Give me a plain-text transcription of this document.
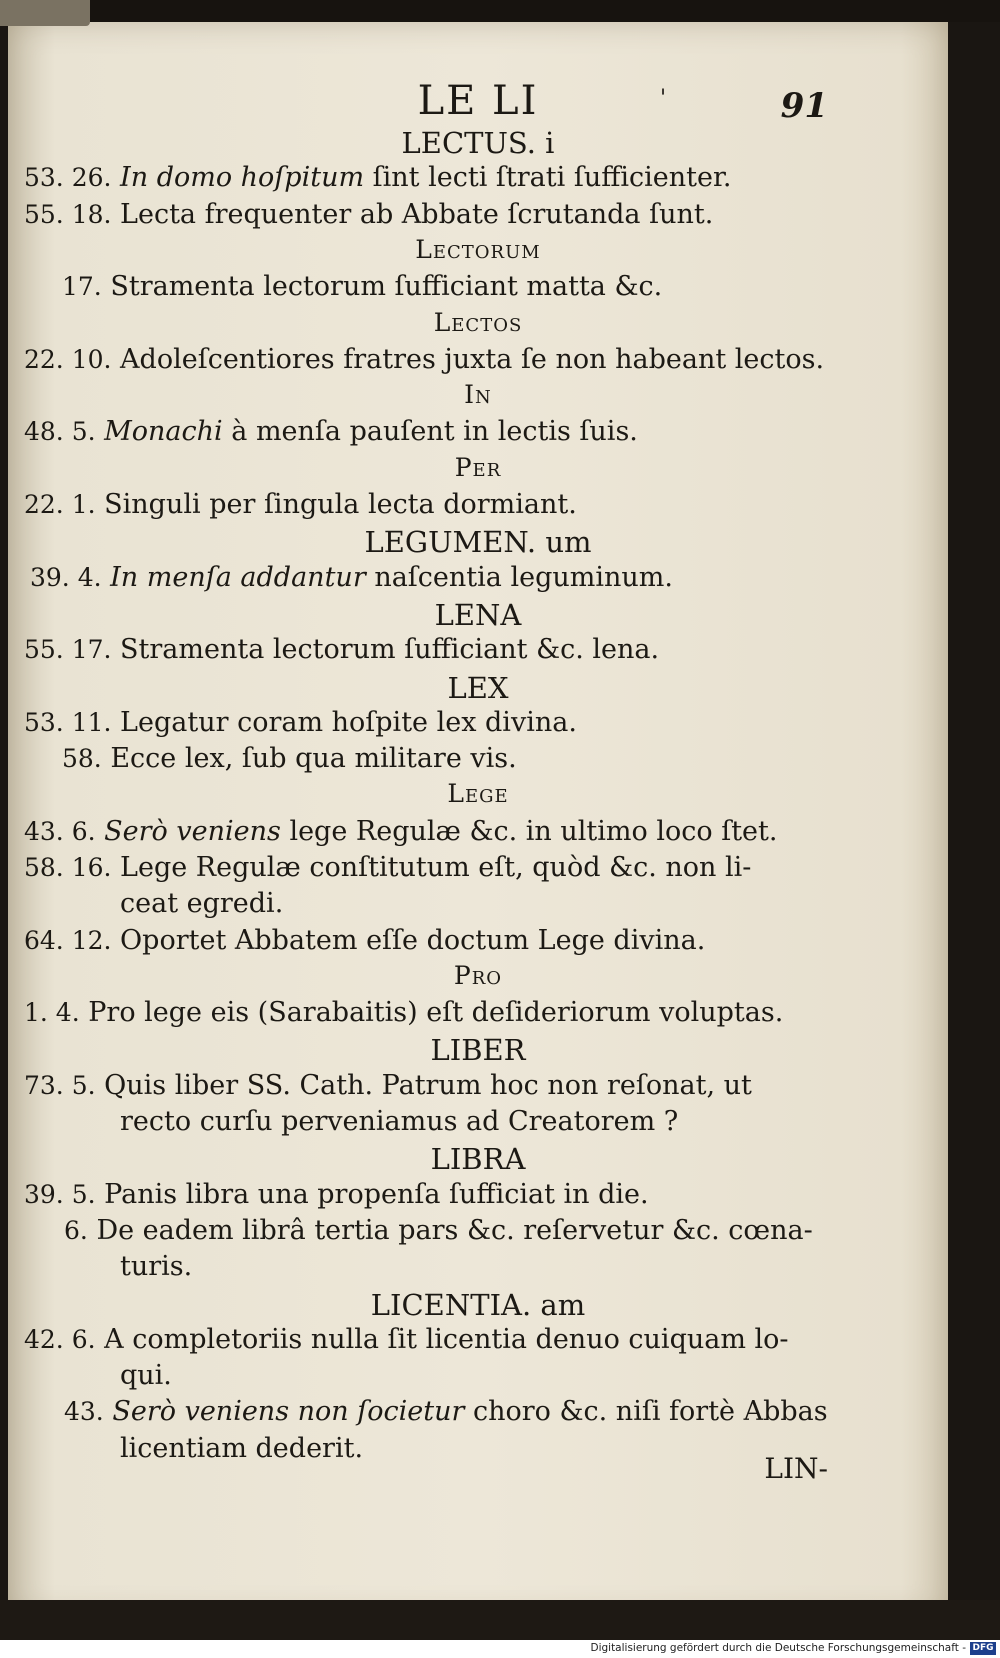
LE LI	'	91
LECTUS. i
53. 26. In domo hoſpitum ſint lecti ſtrati ſufficienter.
55. 18. Lecta frequenter ab Abbate ſcrutanda ſunt.
Lectorum
17. Stramenta lectorum ſufficiant matta &c.
Lectos
22. 10. Adoleſcentiores fratres juxta ſe non habeant lectos.
In
48. 5. Monachi à menſa pauſent in lectis ſuis.
Per
22. 1. Singuli per ſingula lecta dormiant.
LEGUMEN. um
39. 4. In menſa addantur naſcentia leguminum.
LENA
55. 17. Stramenta lectorum ſufficiant &c. lena.
LEX
53. 11. Legatur coram hoſpite lex divina.
58. Ecce lex, ſub qua militare vis.
Lege
43. 6. Serò veniens lege Regulæ &c. in ultimo loco ſtet.
58. 16. Lege Regulæ conſtitutum eſt, quòd &c. non li-
ceat egredi.
64. 12. Oportet Abbatem eſſe doctum Lege divina.
Pro
1. 4. Pro lege eis (Sarabaitis) eſt deſideriorum voluptas.
LIBER
73. 5. Quis liber SS. Cath. Patrum hoc non reſonat, ut
recto curſu perveniamus ad Creatorem ?
LIBRA
39. 5. Panis libra una propenſa ſufficiat in die.
6. De eadem librâ tertia pars &c. reſervetur &c. cœna-
turis.
LICENTIA. am
42. 6. A completoriis nulla ſit licentia denuo cuiquam lo-
qui.
43. Serò veniens non ſocietur choro &c. niſi fortè Abbas
licentiam dederit.
LIN-
Digitalisierung gefördert durch die Deutsche Forschungsgemeinschaft - DFG
